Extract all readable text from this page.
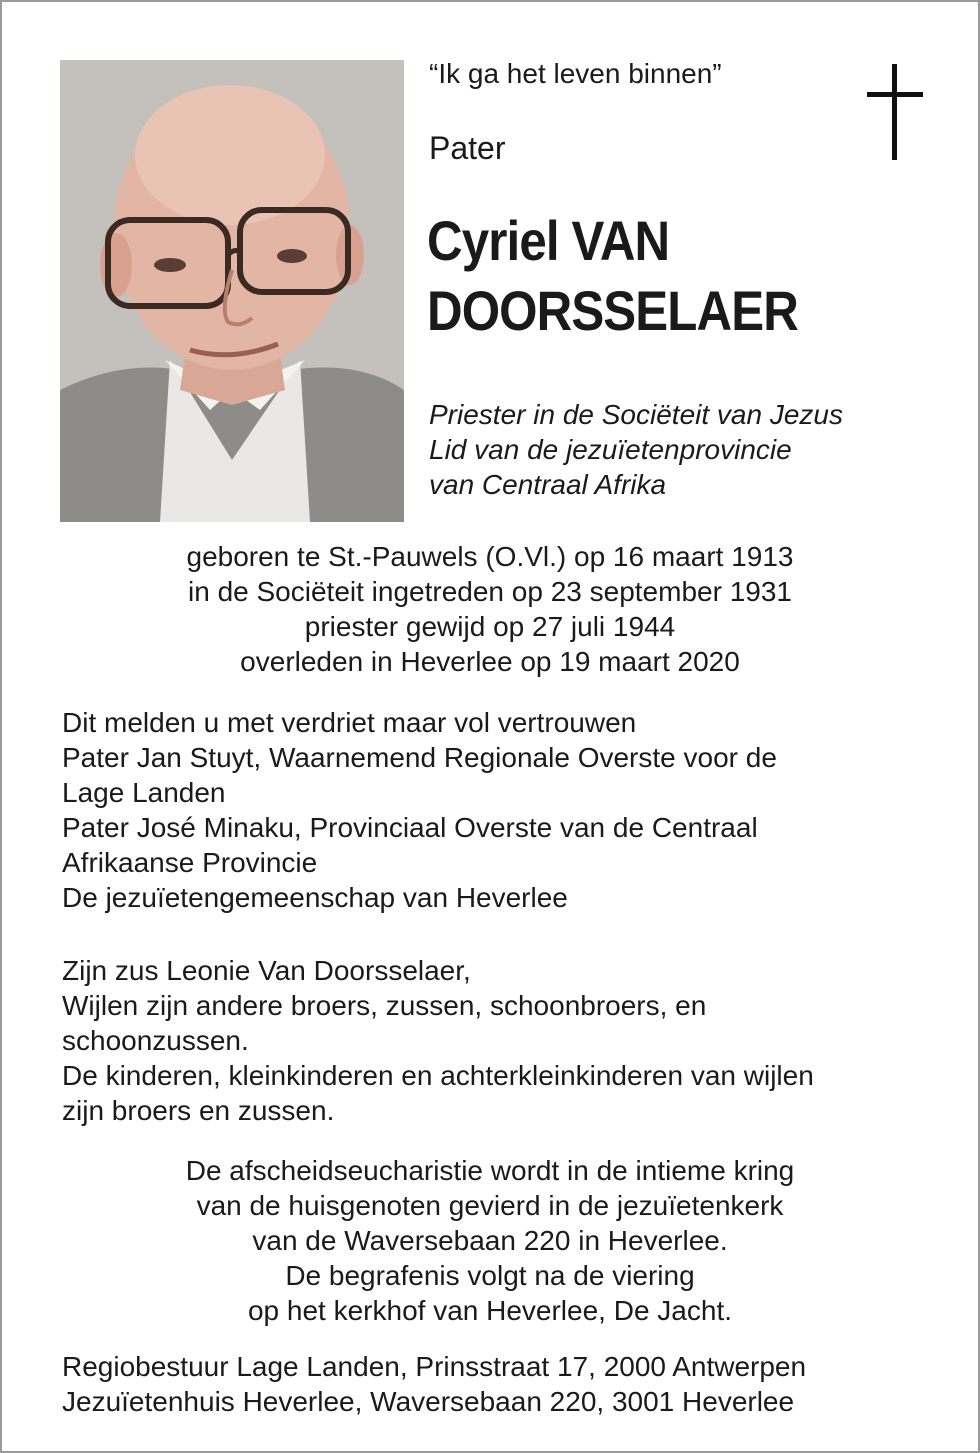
“Ik ga het leven binnen”
Pater
Cyriel VAN
DOORSSELAER
Priester in de Sociëteit van Jezus
Lid van de jezuïetenprovincie
van Centraal Afrika
geboren te St.-Pauwels (O.Vl.) op 16 maart 1913
in de Sociëteit ingetreden op 23 september 1931
priester gewijd op 27 juli 1944
overleden in Heverlee op 19 maart 2020
Dit melden u met verdriet maar vol vertrouwen
Pater Jan Stuyt, Waarnemend Regionale Overste voor de
Lage Landen
Pater José Minaku, Provinciaal Overste van de Centraal
Afrikaanse Provincie
De jezuïetengemeenschap van Heverlee
Zijn zus Leonie Van Doorsselaer,
Wijlen zijn andere broers, zussen, schoonbroers, en
schoonzussen.
De kinderen, kleinkinderen en achterkleinkinderen van wijlen
zijn broers en zussen.
De afscheidseucharistie wordt in de intieme kring
van de huisgenoten gevierd in de jezuïetenkerk
van de Waversebaan 220 in Heverlee.
De begrafenis volgt na de viering
op het kerkhof van Heverlee, De Jacht.
Regiobestuur Lage Landen, Prinsstraat 17, 2000 Antwerpen
Jezuïetenhuis Heverlee, Waversebaan 220, 3001 Heverlee
